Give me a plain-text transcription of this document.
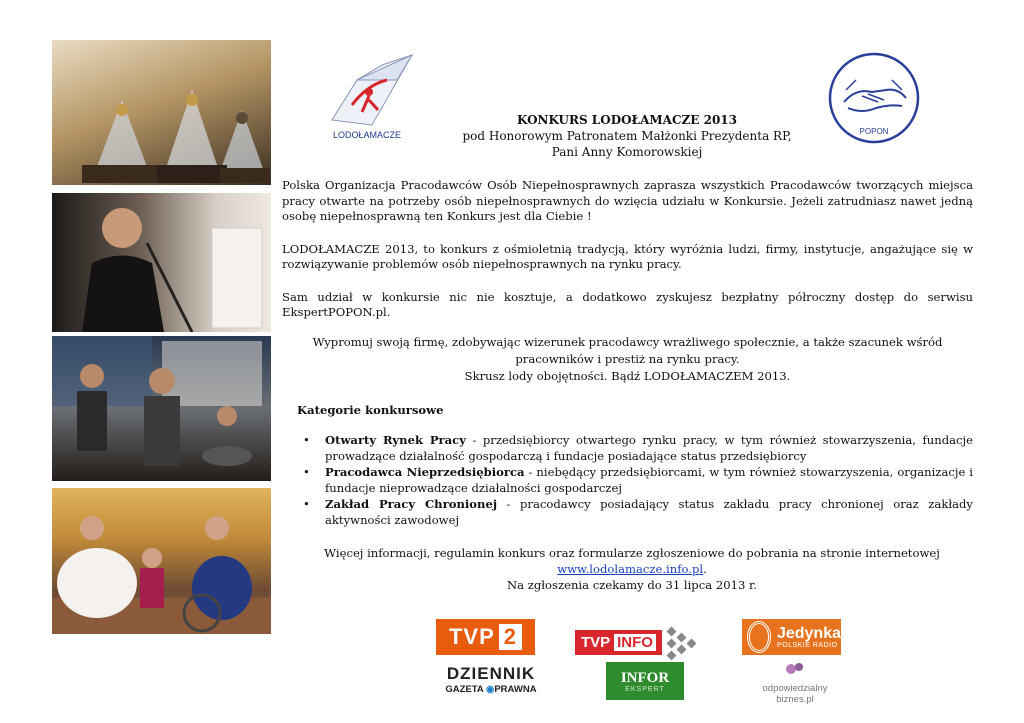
LODOŁAMACZE	POPON
KONKURS LODOŁAMACZE 2013
pod Honorowym Patronatem Małżonki Prezydenta RP,
Pani Anny Komorowskiej

Polska Organizacja Pracodawców Osób Niepełnosprawnych zaprasza wszystkich Pracodawców tworzących miejsca pracy otwarte na potrzeby osób niepełnosprawnych do wzięcia udziału w Konkursie. Jeżeli zatrudniasz nawet jedną osobę niepełnosprawną ten Konkurs jest dla Ciebie !

LODOŁAMACZE 2013, to konkurs z ośmioletnią tradycją, który wyróżnia ludzi, firmy, instytucje, angażujące się w rozwiązywanie problemów osób niepełnosprawnych na rynku pracy.

Sam udział w konkursie nic nie kosztuje, a dodatkowo zyskujesz bezpłatny półroczny dostęp do serwisu EkspertPOPON.pl.

Wypromuj swoją firmę, zdobywając wizerunek pracodawcy wrażliwego społecznie, a także szacunek wśród
pracowników i prestiż na rynku pracy.
Skrusz lody obojętności. Bądź LODOŁAMACZEM 2013.
Kategorie konkursowe
• Otwarty Rynek Pracy - przedsiębiorcy otwartego rynku pracy, w tym również stowarzyszenia, fundacje prowadzące działalność gospodarczą i fundacje posiadające status przedsiębiorcy
• Pracodawca Nieprzedsiębiorca - niebędący przedsiębiorcami, w tym również stowarzyszenia, organizacje i fundacje nieprowadzące działalności gospodarczej
• Zakład Pracy Chronionej - pracodawcy posiadający status zakładu pracy chronionej oraz zakłady aktywności zawodowej
Więcej informacji, regulamin konkurs oraz formularze zgłoszeniowe do pobrania na stronie internetowej
www.lodolamacze.info.pl.
Na zgłoszenia czekamy do 31 lipca 2013 r.
TVP 2	TVP INFO
Jedynka
POLSKIE RADIO
DZIENNIK
GAZETA ◉PRAWNA
INFOR
EKSPERT	odpowiedzialny
biznes.pl
